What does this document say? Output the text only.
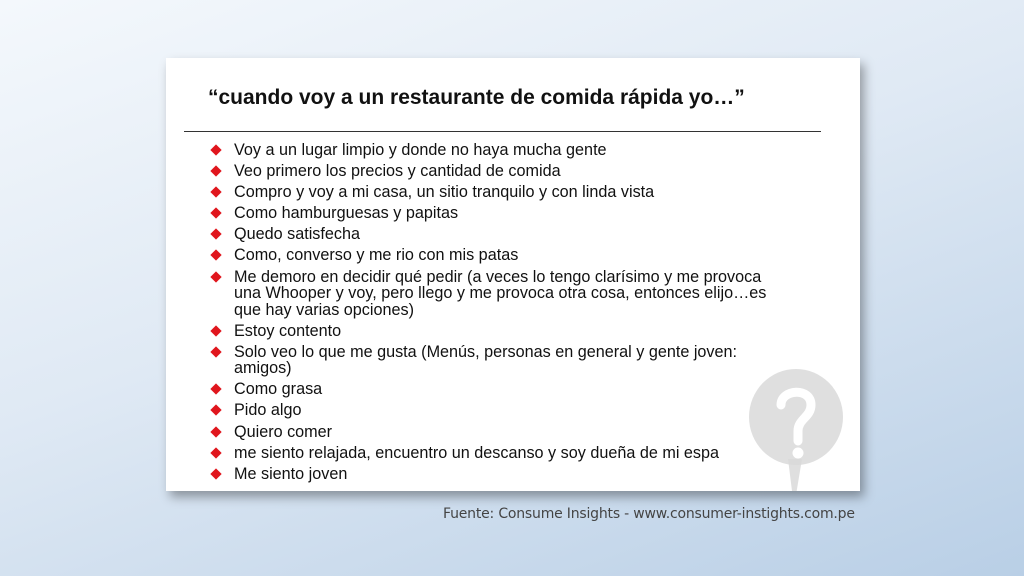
“cuando voy a un restaurante de comida rápida yo…”
Voy a un lugar limpio y donde no haya mucha gente
Veo primero los precios y cantidad de comida
Compro y voy a mi casa, un sitio tranquilo y con linda vista
Como hamburguesas y papitas
Quedo satisfecha
Como, converso y me rio con mis patas
Me demoro en decidir qué pedir (a veces lo tengo clarísimo y me provoca
una Whooper y voy, pero llego y me provoca otra cosa, entonces elijo…es
que hay varias opciones)
Estoy contento
Solo veo lo que me gusta (Menús, personas en general y gente joven:
amigos)
Como grasa
Pido algo
Quiero comer
me siento relajada, encuentro un descanso y soy dueña de mi espa
Me siento joven
Fuente: Consume Insights - www.consumer-instights.com.pe
